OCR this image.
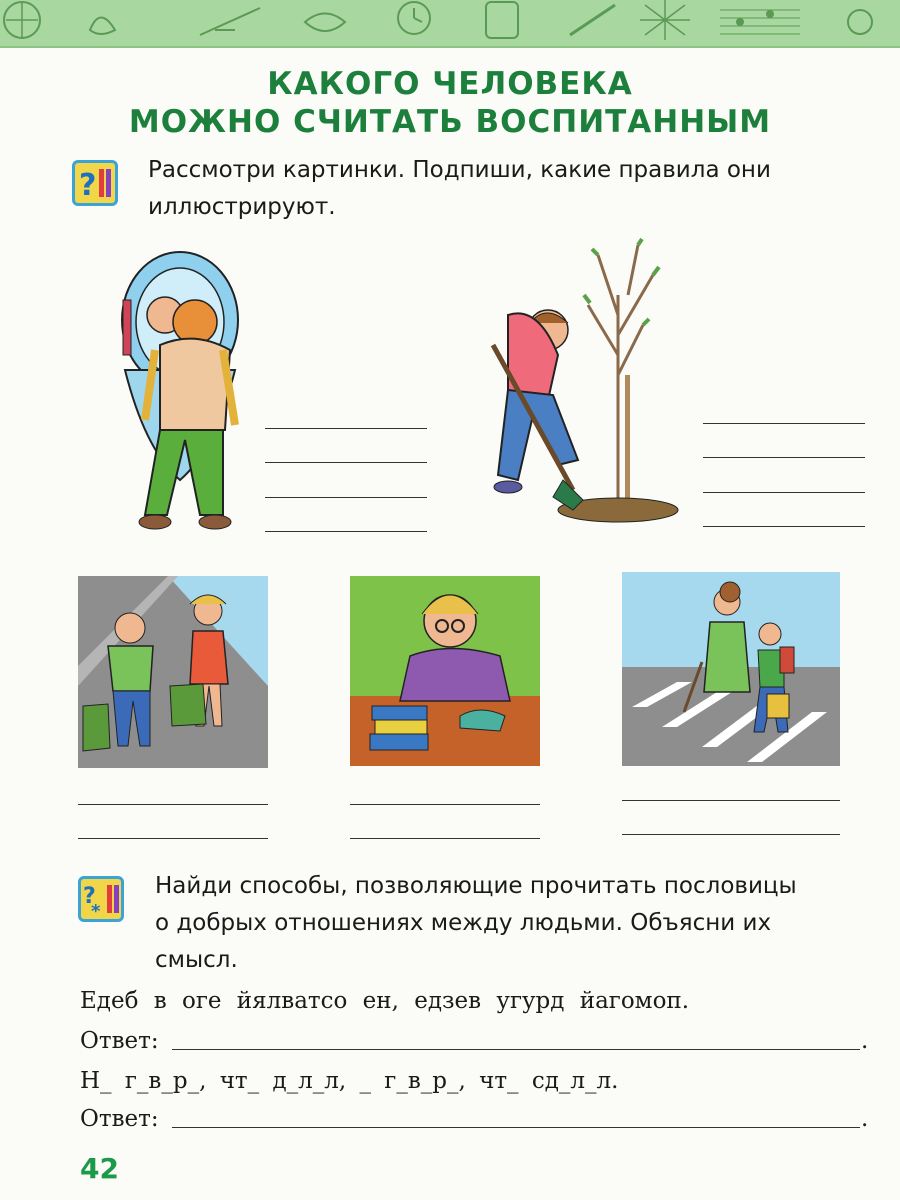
КАКОГО ЧЕЛОВЕКА
МОЖНО СЧИТАТЬ ВОСПИТАННЫМ
? Рассмотри картинки. Подпиши, какие правила они
иллюстрируют.
?
*
Найди способы, позволяющие прочитать пословицы
о добрых отношениях между людьми. Объясни их
смысл.
Едеб в оге йялватсо ен, едзев угурд йагомоп.
Ответ:	.
Н_ г_в_р_, чт_ д_л_л, _ г_в_р_, чт_ сд_л_л.
Ответ:	.
42
